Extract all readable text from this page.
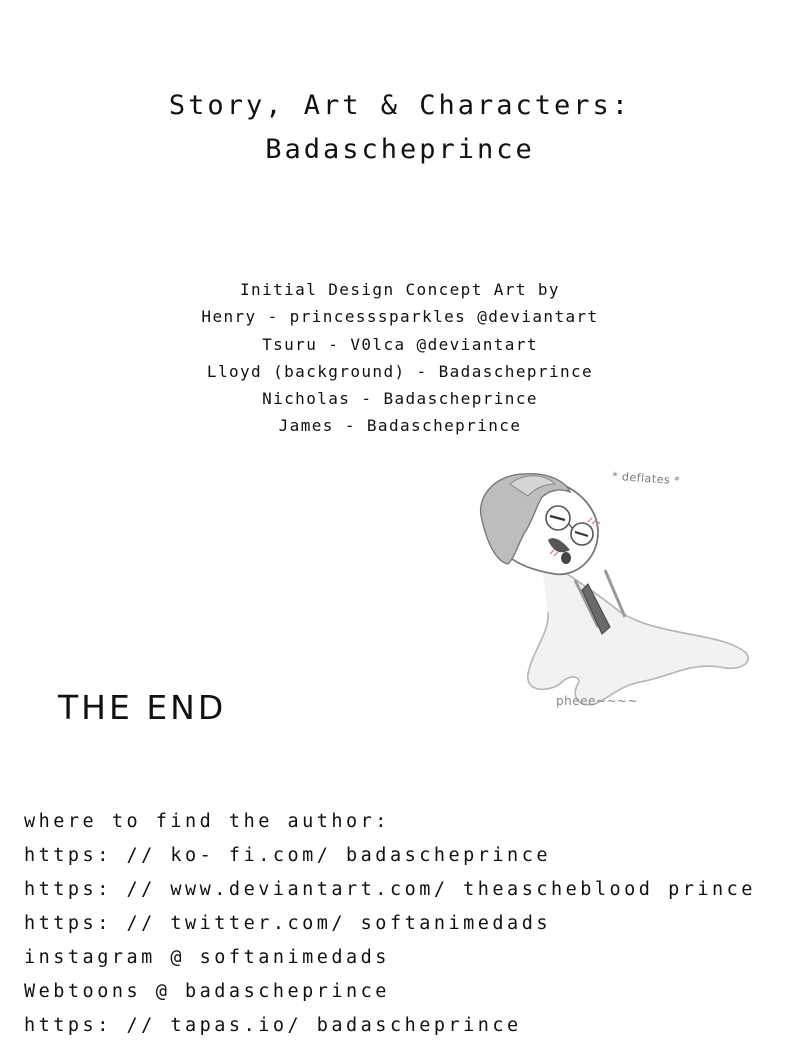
Story, Art & Characters:
Badascheprince
Initial Design Concept Art by
Henry - princesssparkles @deviantart
Tsuru - V0lca @deviantart
Lloyd (background) - Badascheprince
Nicholas - Badascheprince
James - Badascheprince
* deflates *
pheee~~~~
THE END
where to find the author:
https: // ko- fi.com/ badascheprince
https: // www.deviantart.com/ theascheblood prince
https: // twitter.com/ softanimedads
instagram @ softanimedads
Webtoons @ badascheprince
https: // tapas.io/ badascheprince
